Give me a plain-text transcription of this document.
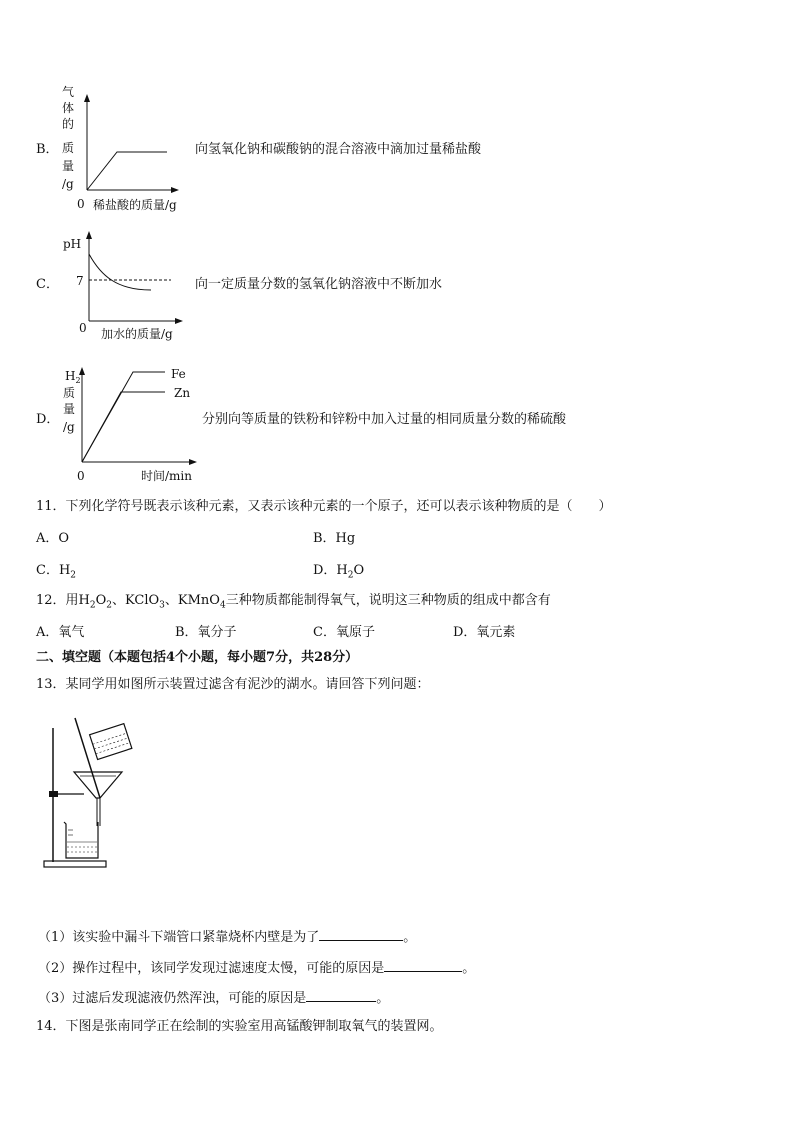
B．
气
体
的
质
量
/g
0 稀盐酸的质量/g
向氢氧化钠和碳酸钠的混合溶液中滴加过量稀盐酸
C．
pH
7
0 加水的质量/g
向一定质量分数的氢氧化钠溶液中不断加水
D．
$H_2$
质
量
/g
Fe
Zn
0	时间/min
分别向等质量的铁粉和锌粉中加入过量的相同质量分数的稀硫酸
11．下列化学符号既表示该种元素，又表示该种元素的一个原子，还可以表示该种物质的是（　　）
A．O	B．Hg
C．$H_2$	D．$H_2O$
12．用$H_2O_2$、KClO$_3$、KMnO$_4$三种物质都能制得氧气，说明这三种物质的组成中都含有
A．氧气	B．氧分子	C．氧原子	D．氧元素
二、填空题（本题包括4个小题，每小题7分，共28分）
13．某同学用如图所示装置过滤含有泥沙的湖水。请回答下列问题：
（1）该实验中漏斗下端管口紧靠烧杯内壁是为了	。
（2）操作过程中，该同学发现过滤速度太慢，可能的原因是	。
（3）过滤后发现滤液仍然浑浊，可能的原因是	。
14．下图是张南同学正在绘制的实验室用高锰酸钾制取氧气的装置网。
